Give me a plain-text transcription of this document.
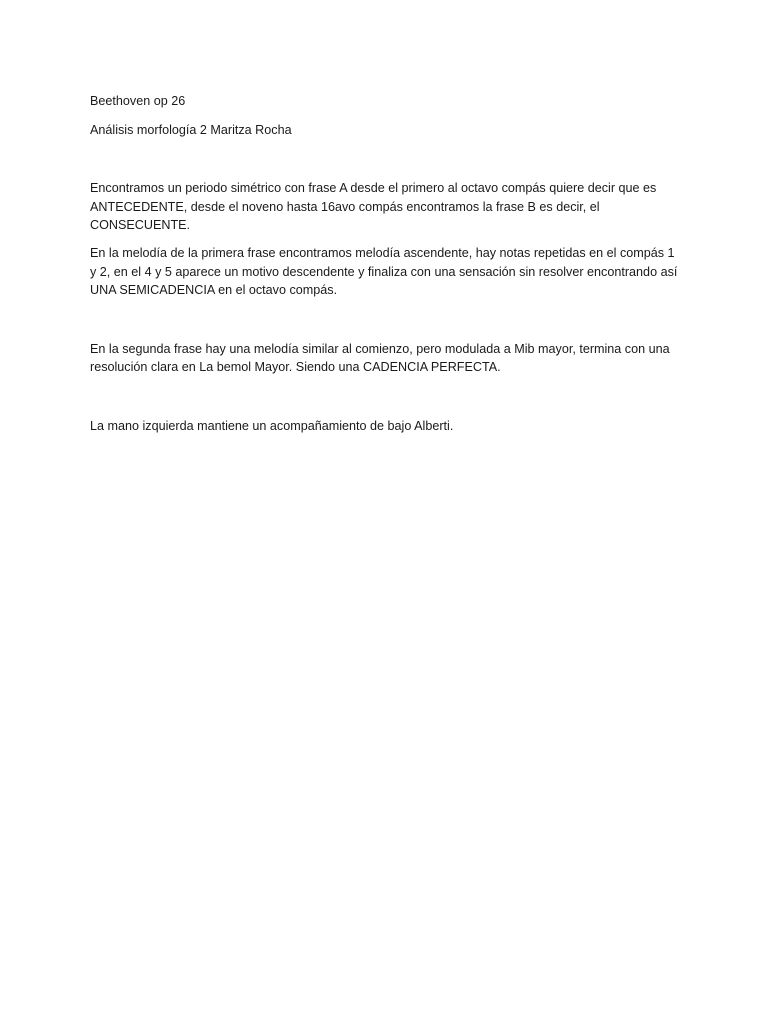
Beethoven op 26

Análisis morfología 2 Maritza Rocha

Encontramos un periodo simétrico con frase A desde el primero al octavo compás quiere decir que es ANTECEDENTE, desde el noveno hasta 16avo compás encontramos la frase B es decir, el CONSECUENTE.

En la melodía de la primera frase encontramos melodía ascendente, hay notas repetidas en el compás 1 y 2, en el 4 y 5 aparece un motivo descendente y finaliza con una sensación sin resolver encontrando así UNA SEMICADENCIA en el octavo compás.

En la segunda frase hay una melodía similar al comienzo, pero modulada a Mib mayor, termina con una resolución clara en La bemol Mayor. Siendo una CADENCIA PERFECTA.

La mano izquierda mantiene un acompañamiento de bajo Alberti.
